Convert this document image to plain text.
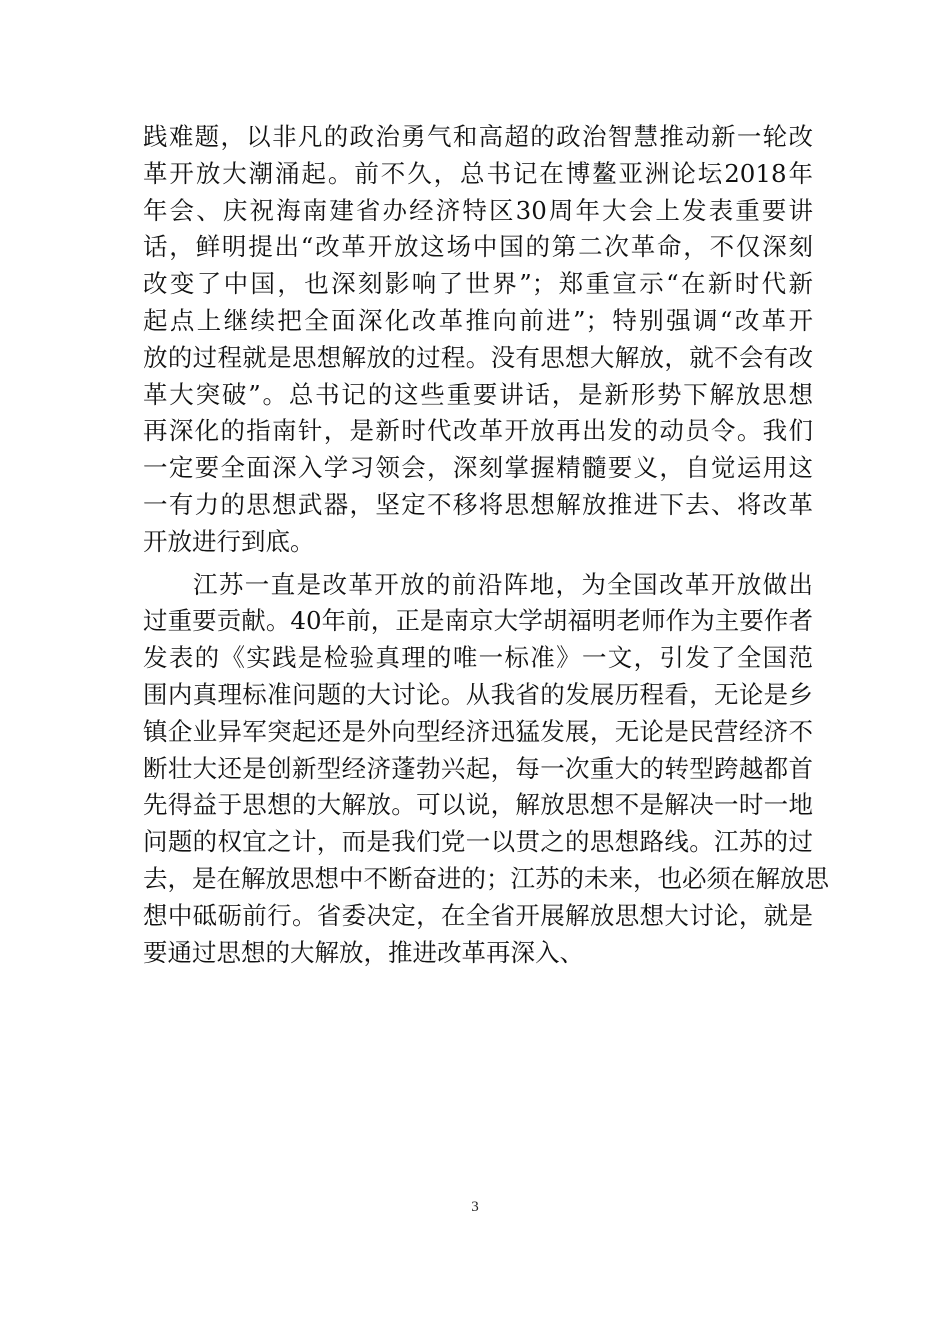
践难题，以非凡的政治勇气和高超的政治智慧推动新一轮改
革开放大潮涌起。前不久，总书记在博鳌亚洲论坛2018年
年会、庆祝海南建省办经济特区30周年大会上发表重要讲
话，鲜明提出“改革开放这场中国的第二次革命，不仅深刻
改变了中国，也深刻影响了世界”；郑重宣示“在新时代新
起点上继续把全面深化改革推向前进”；特别强调“改革开
放的过程就是思想解放的过程。没有思想大解放，就不会有改
革大突破”。总书记的这些重要讲话，是新形势下解放思想
再深化的指南针，是新时代改革开放再出发的动员令。我们
一定要全面深入学习领会，深刻掌握精髓要义，自觉运用这
一有力的思想武器，坚定不移将思想解放推进下去、将改革
开放进行到底。
江苏一直是改革开放的前沿阵地，为全国改革开放做出
过重要贡献。40年前，正是南京大学胡福明老师作为主要作者
发表的《实践是检验真理的唯一标准》一文，引发了全国范
围内真理标准问题的大讨论。从我省的发展历程看，无论是乡
镇企业异军突起还是外向型经济迅猛发展，无论是民营经济不
断壮大还是创新型经济蓬勃兴起，每一次重大的转型跨越都首
先得益于思想的大解放。可以说，解放思想不是解决一时一地
问题的权宜之计，而是我们党一以贯之的思想路线。江苏的过
去，是在解放思想中不断奋进的；江苏的未来，也必须在解放思
想中砥砺前行。省委决定，在全省开展解放思想大讨论，就是
要通过思想的大解放，推进改革再深入、
3
